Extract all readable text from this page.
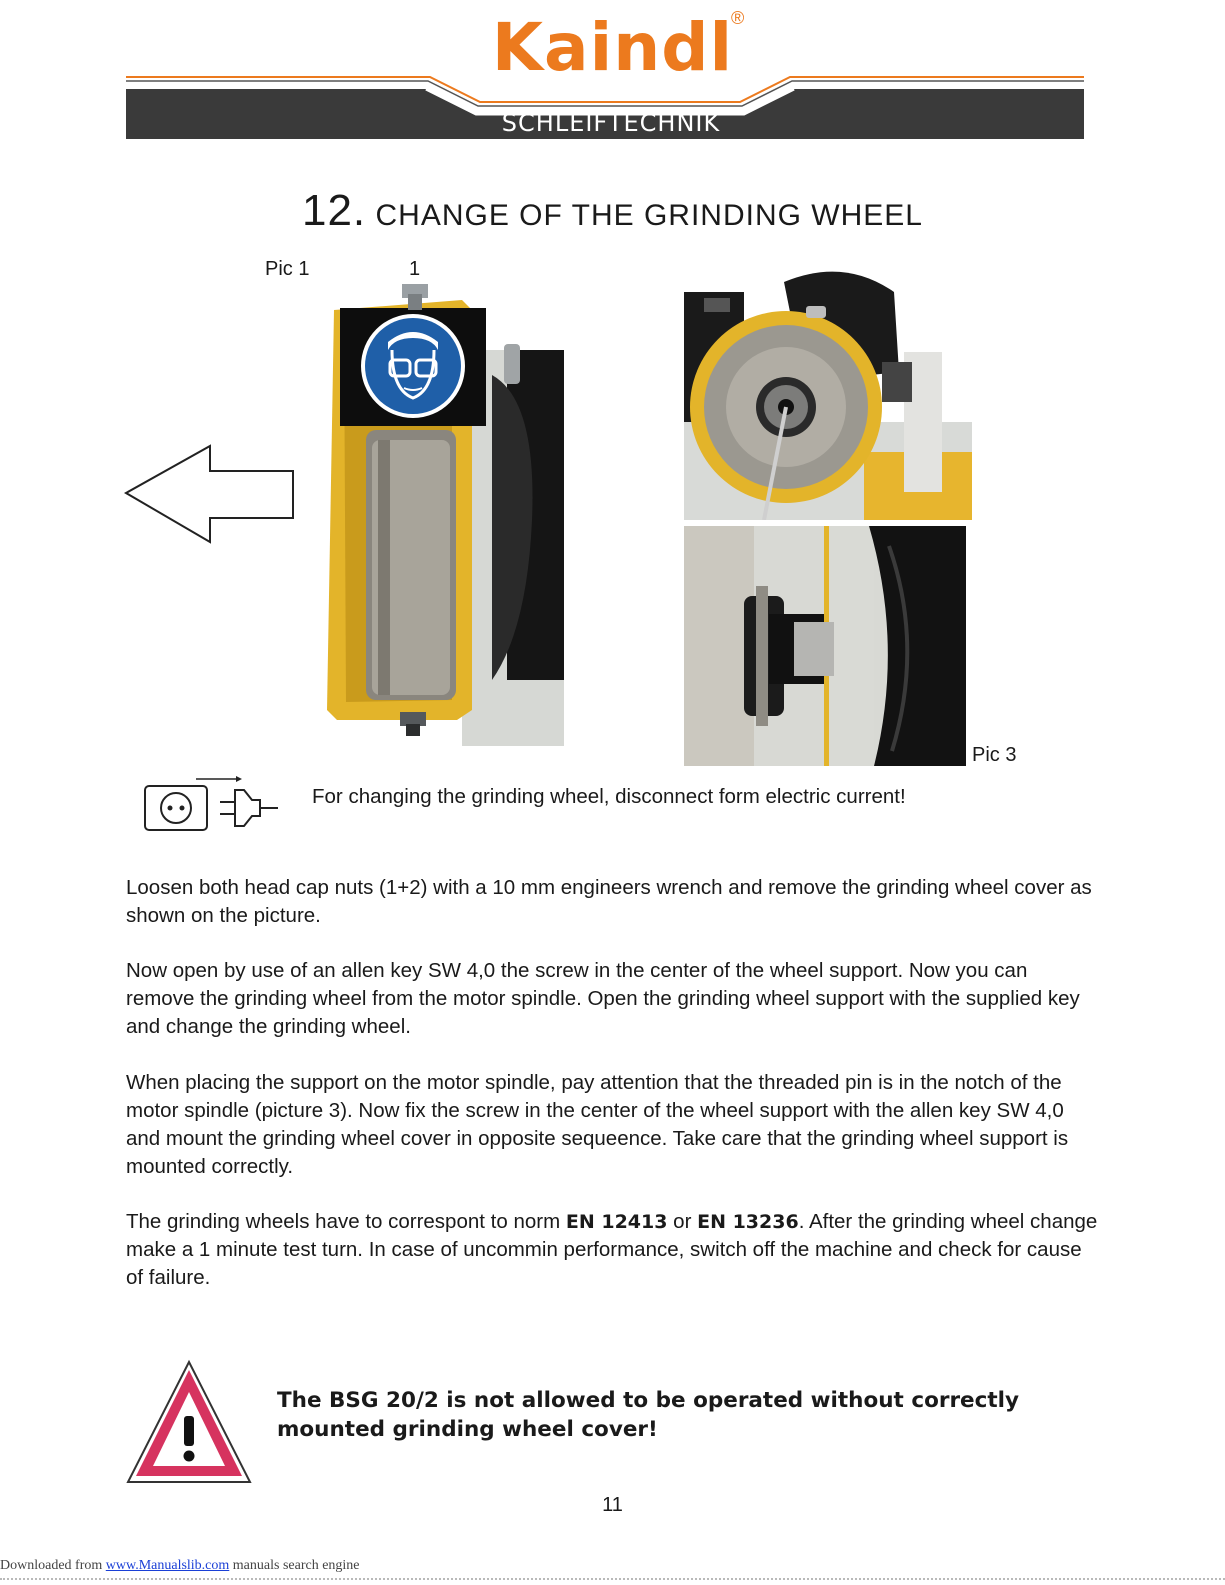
Kaindl
®
SCHLEIFTECHNIK
12. CHANGE OF THE GRINDING WHEEL
Pic 1	1
Pic 3
For changing the grinding wheel, disconnect form electric current!

Loosen both head cap nuts (1+2) with a 10 mm engineers wrench and remove the grinding wheel cover as shown on the picture.

Now open by use of an allen key SW 4,0 the screw in the center of the wheel support. Now you can remove the grinding wheel from the motor spindle. Open the grinding wheel support with the supplied key and change the grinding wheel.

When placing the support on the motor spindle, pay attention that the threaded pin is in the notch of the motor spindle (picture 3). Now fix the screw in the center of the wheel support with the allen key SW 4,0 and mount the grinding wheel cover in opposite sequeence. Take care that the grinding wheel support is mounted correctly.

The grinding wheels have to correspont to norm EN 12413 or EN 13236. After the grinding wheel change make a 1 minute test turn. In case of uncommin performance, switch off the machine and check for cause of failure.

The BSG 20/2 is not allowed to be operated without correctly mounted grinding wheel cover!
11
Downloaded from www.Manualslib.com manuals search engine
